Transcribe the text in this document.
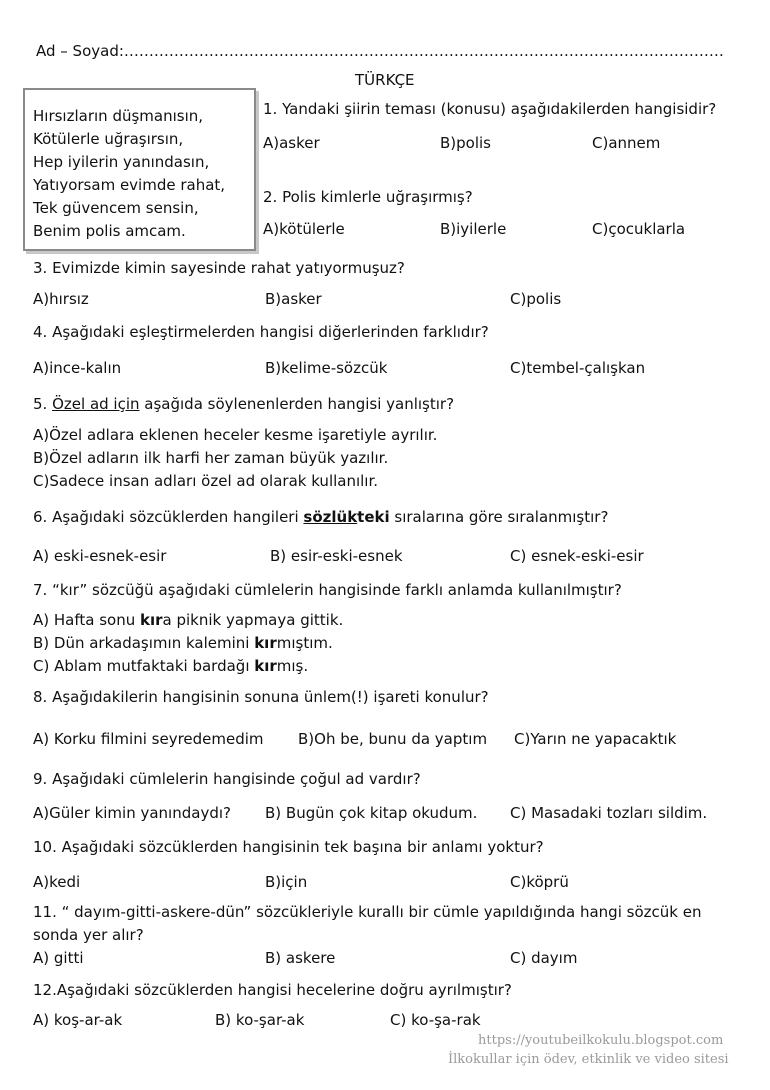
Ad – Soyad:…………………………………………………………………………………………………………
TÜRKÇE
Hırsızların düşmanısın,
Kötülerle uğraşırsın,
Hep iyilerin yanındasın,
Yatıyorsam evimde rahat,
Tek güvencem sensin,
Benim polis amcam.
1. Yandaki şiirin teması (konusu) aşağıdakilerden hangisidir?
A)asker	B)polis	C)annem
2. Polis kimlerle uğraşırmış?
A)kötülerle	B)iyilerle	C)çocuklarla
3. Evimizde kimin sayesinde rahat yatıyormuşuz?
A)hırsız	B)asker	C)polis
4. Aşağıdaki eşleştirmelerden hangisi diğerlerinden farklıdır?
A)ince-kalın	B)kelime-sözcük	C)tembel-çalışkan
5. Özel ad için aşağıda söylenenlerden hangisi yanlıştır?
A)Özel adlara eklenen heceler kesme işaretiyle ayrılır.
B)Özel adların ilk harfi her zaman büyük yazılır.
C)Sadece insan adları özel ad olarak kullanılır.
6. Aşağıdaki sözcüklerden hangileri sözlükteki sıralarına göre sıralanmıştır?
A) eski-esnek-esir	B) esir-eski-esnek	C) esnek-eski-esir
7. “kır” sözcüğü aşağıdaki cümlelerin hangisinde farklı anlamda kullanılmıştır?
A) Hafta sonu kıra piknik yapmaya gittik.
B) Dün arkadaşımın kalemini kırmıştım.
C) Ablam mutfaktaki bardağı kırmış.
8. Aşağıdakilerin hangisinin sonuna ünlem(!) işareti konulur?
A) Korku filmini seyredemedim B)Oh be, bunu da yaptım C)Yarın ne yapacaktık
9. Aşağıdaki cümlelerin hangisinde çoğul ad vardır?
A)Güler kimin yanındaydı? B) Bugün çok kitap okudum. C) Masadaki tozları sildim.
10. Aşağıdaki sözcüklerden hangisinin tek başına bir anlamı yoktur?
A)kedi	B)için	C)köprü
11. “ dayım-gitti-askere-dün” sözcükleriyle kurallı bir cümle yapıldığında hangi sözcük en
sonda yer alır?
A) gitti	B) askere	C) dayım
12.Aşağıdaki sözcüklerden hangisi hecelerine doğru ayrılmıştır?
A) koş-ar-ak	B) ko-şar-ak	C) ko-şa-rak
https://youtubeilkokulu.blogspot.com
İlkokullar için ödev, etkinlik ve video sitesi
